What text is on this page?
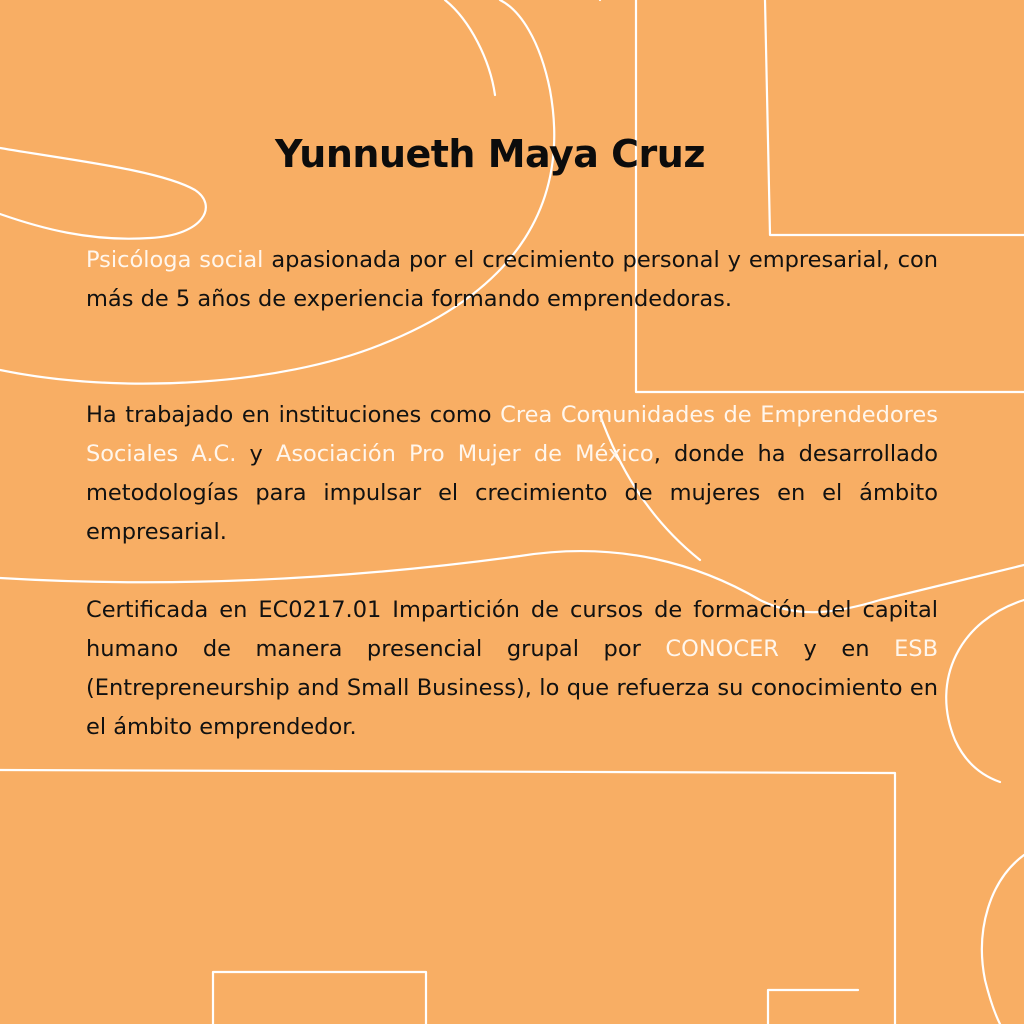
Yunnueth Maya Cruz

Psicóloga social apasionada por el crecimiento personal y empresarial, con más de 5 años de experiencia formando emprendedoras.

Ha trabajado en instituciones como Crea Comunidades de Emprendedores Sociales A.C. y Asociación Pro Mujer de México, donde ha desarrollado metodologías para impulsar el crecimiento de mujeres en el ámbito empresarial.

Certificada en EC0217.01 Impartición de cursos de formación del capital humano de manera presencial grupal por CONOCER y en ESB (Entrepreneurship and Small Business), lo que refuerza su conocimiento en el ámbito emprendedor.
